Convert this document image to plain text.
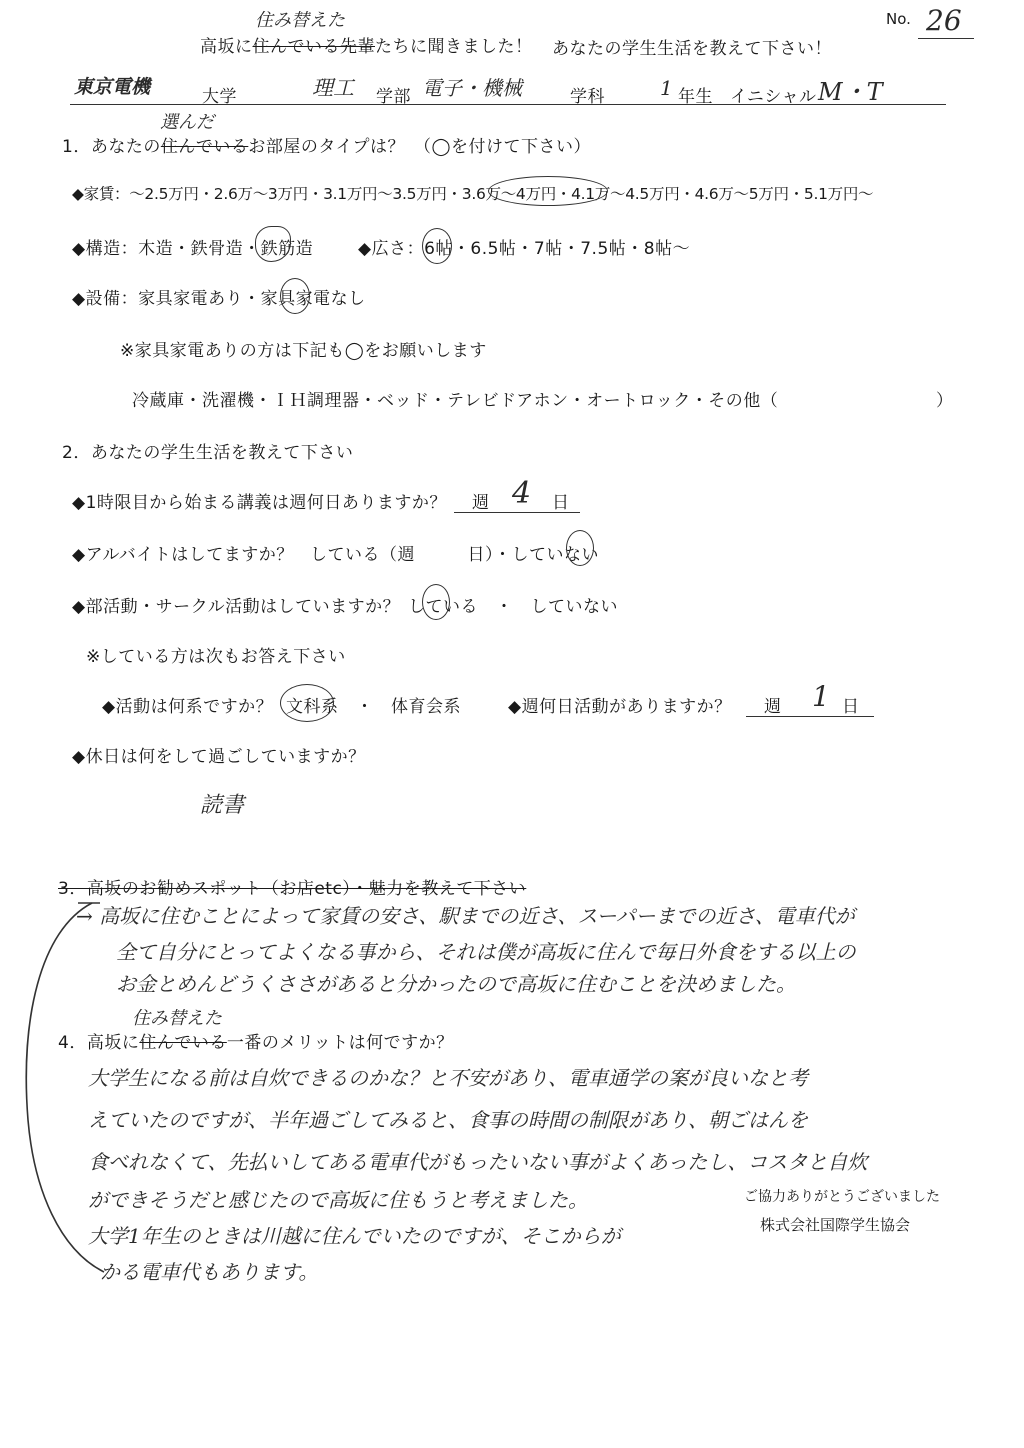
高坂に住んでいる先輩たちに聞きました！
住み替えた
あなたの学生生活を教えて下さい！
No. 26
東京電機	大学	理工 学部 電子・機械	学科	1 年生 イニシャル M・T
選んだ
1．あなたの住んでいるお部屋のタイプは？　（◯を付けて下さい）
◆家賃：～2.5万円・2.6万～3万円・3.1万円～3.5万円・3.6万～4万円・4.1万～4.5万円・4.6万～5万円・5.1万円～
◆構造：木造・鉄骨造・鉄筋造	◆広さ：6帖・6.5帖・7帖・7.5帖・8帖～
◆設備：家具家電あり・家具家電なし
※家具家電ありの方は下記も◯をお願いします
冷蔵庫・洗濯機・ＩＨ調理器・ベッド・テレビドアホン・オートロック・その他（	）
2．あなたの学生生活を教えて下さい
◆1時限目から始まる講義は週何日ありますか？ 週 4 日
◆アルバイトはしてますか？ している（週　　　日）・していない
◆部活動・サークル活動はしていますか？ している　・　していない
※している方は次もお答え下さい
◆活動は何系ですか？ 文科系　・　体育会系	◆週何日活動がありますか？ 週 1 日
◆休日は何をして過ごしていますか？
読書
3．高坂のお勧めスポット（お店etc）・魅力を教えて下さい
→ 高坂に住むことによって家賃の安さ、駅までの近さ、スーパーまでの近さ、電車代が
全て自分にとってよくなる事から、それは僕が高坂に住んで毎日外食をする以上の
お金とめんどうくささがあると分かったので高坂に住むことを決めました。
住み替えた
4．高坂に住んでいる一番のメリットは何ですか？
大学生になる前は自炊できるのかな？と不安があり、電車通学の案が良いなと考
えていたのですが、半年過ごしてみると、食事の時間の制限があり、朝ごはんを
食べれなくて、先払いしてある電車代がもったいない事がよくあったし、コスタと自炊
ができそうだと感じたので高坂に住もうと考えました。
大学1年生のときは川越に住んでいたのですが、そこからが
かる電車代もあります。
ご協力ありがとうございました
株式会社国際学生協会
